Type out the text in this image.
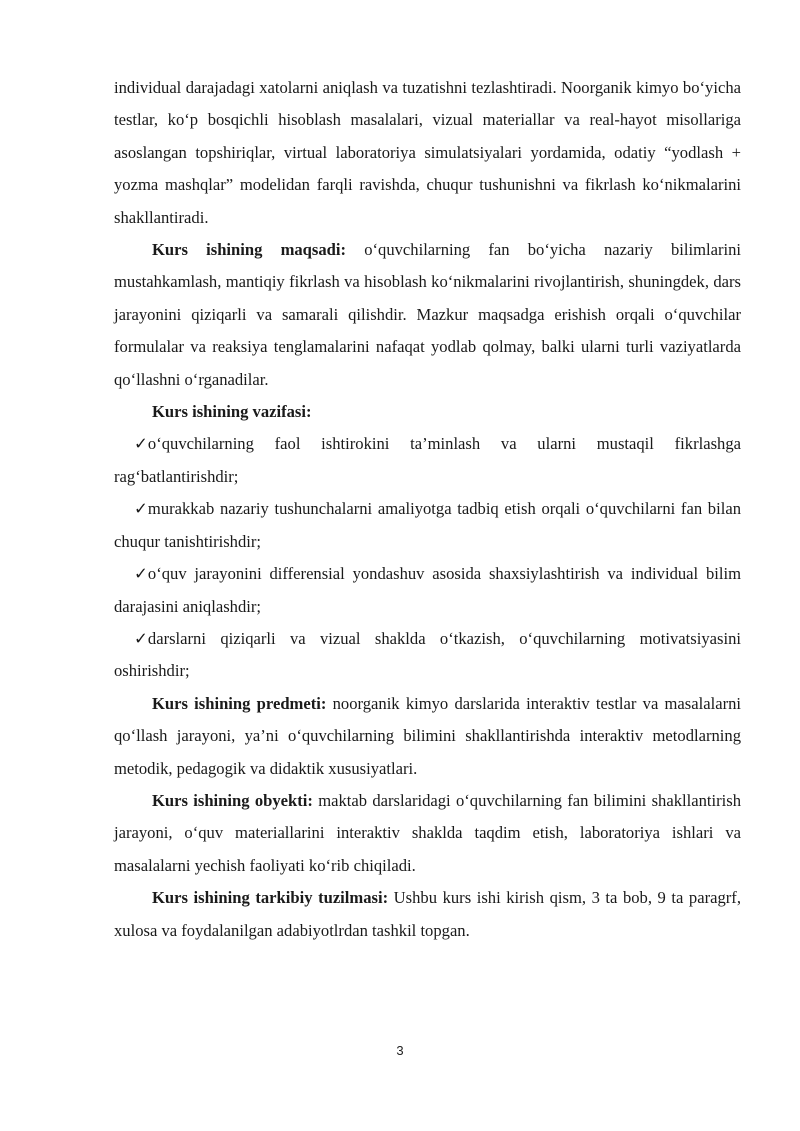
individual darajadagi xatolarni aniqlash va tuzatishni tezlashtiradi. Noorganik kimyo bo‘yicha testlar, ko‘p bosqichli hisoblash masalalari, vizual materiallar va real-hayot misollariga asoslangan topshiriqlar, virtual laboratoriya simulatsiyalari yordamida, odatiy “yodlash + yozma mashqlar” modelidan farqli ravishda, chuqur tushunishni va fikrlash ko‘nikmalarini shakllantiradi.

Kurs ishining maqsadi: o‘quvchilarning fan bo‘yicha nazariy bilimlarini mustahkamlash, mantiqiy fikrlash va hisoblash ko‘nikmalarini rivojlantirish, shuningdek, dars jarayonini qiziqarli va samarali qilishdir. Mazkur maqsadga erishish orqali o‘quvchilar formulalar va reaksiya tenglamalarini nafaqat yodlab qolmay, balki ularni turli vaziyatlarda qo‘llashni o‘rganadilar.

Kurs ishining vazifasi:

✓o‘quvchilarning faol ishtirokini ta’minlash va ularni mustaqil fikrlashga rag‘batlantirishdir;

✓murakkab nazariy tushunchalarni amaliyotga tadbiq etish orqali o‘quvchilarni fan bilan chuqur tanishtirishdir;

✓o‘quv jarayonini differensial yondashuv asosida shaxsiylashtirish va individual bilim darajasini aniqlashdir;

✓darslarni qiziqarli va vizual shaklda o‘tkazish, o‘quvchilarning motivatsiyasini oshirishdir;

Kurs ishining predmeti: noorganik kimyo darslarida interaktiv testlar va masalalarni qo‘llash jarayoni, ya’ni o‘quvchilarning bilimini shakllantirishda interaktiv metodlarning metodik, pedagogik va didaktik xususiyatlari.

Kurs ishining obyekti: maktab darslaridagi o‘quvchilarning fan bilimini shakllantirish jarayoni, o‘quv materiallarini interaktiv shaklda taqdim etish, laboratoriya ishlari va masalalarni yechish faoliyati ko‘rib chiqiladi.

Kurs ishining tarkibiy tuzilmasi: Ushbu kurs ishi kirish qism, 3 ta bob, 9 ta paragrf, xulosa va foydalanilgan adabiyotlrdan tashkil topgan.

3
